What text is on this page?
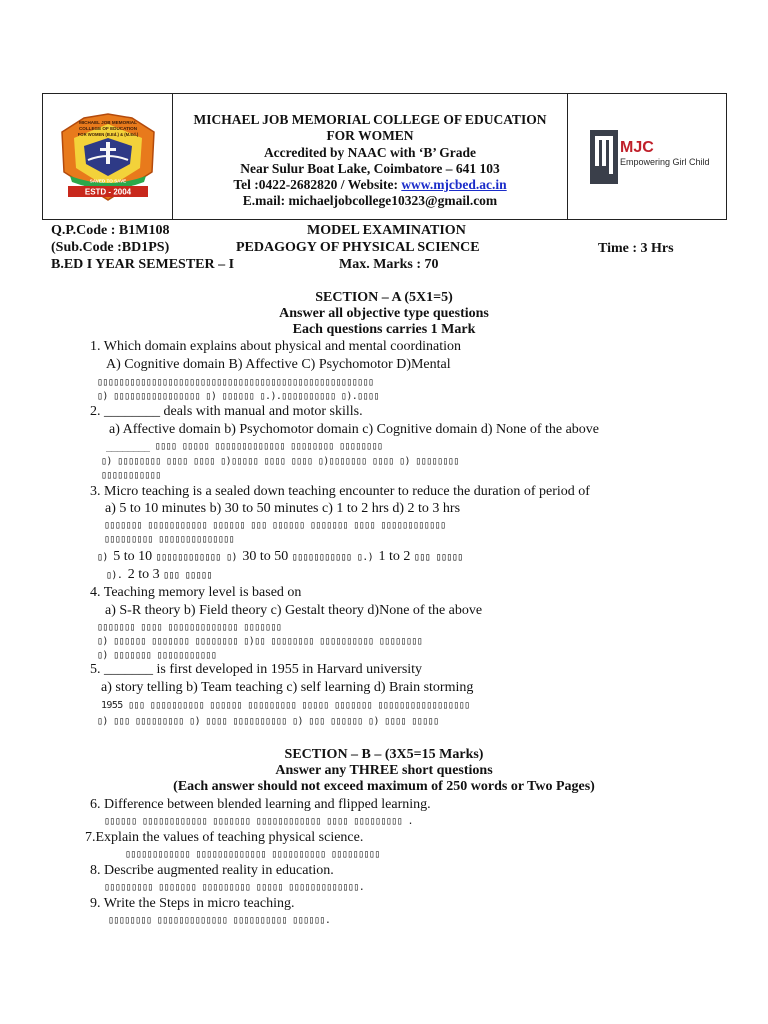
ESTD - 2004
MICHAEL JOB MEMORIAL
COLLEGE OF EDUCATION
FOR WOMEN (B.Ed.) & (M.Ed.)
SAVED TO SAVE
MICHAEL JOB MEMORIAL COLLEGE OF EDUCATION
FOR WOMEN
Accredited by NAAC with ‘B’ Grade
Near Sulur Boat Lake, Coimbatore – 641 103
Tel :0422-2682820 / Website: www.mjcbed.ac.in
E.mail: michaeljobcollege10323@gmail.com
MJC
Empowering Girl Child
Q.P.Code : B1M108	MODEL EXAMINATION
(Sub.Code :BD1PS)	PEDAGOGY OF PHYSICAL SCIENCE	Time : 3 Hrs
B.ED I YEAR SEMESTER – I	Max. Marks : 70
SECTION – A (5X1=5)
Answer all objective type questions
Each questions carries 1 Mark
1. Which domain explains about physical and mental coordination
A) Cognitive domain B) Affective C) Psychomotor D)Mental
▯▯▯▯▯▯▯▯▯▯▯▯▯▯▯▯▯▯▯▯▯▯▯▯▯▯▯▯▯▯▯▯▯▯▯▯▯▯▯▯▯▯▯▯▯▯▯▯▯▯▯
▯) ▯▯▯▯▯▯▯▯▯▯▯▯▯▯▯▯ ▯) ▯▯▯▯▯▯ ▯.).▯▯▯▯▯▯▯▯▯▯ ▯).▯▯▯▯
2. ________ deals with manual and motor skills.
a) Affective domain b) Psychomotor domain c) Cognitive domain d) None of the above
________ ▯▯▯▯ ▯▯▯▯▯ ▯▯▯▯▯▯▯▯▯▯▯▯▯ ▯▯▯▯▯▯▯▯ ▯▯▯▯▯▯▯▯
▯) ▯▯▯▯▯▯▯▯ ▯▯▯▯ ▯▯▯▯ ▯)▯▯▯▯▯ ▯▯▯▯ ▯▯▯▯ ▯)▯▯▯▯▯▯▯ ▯▯▯▯ ▯) ▯▯▯▯▯▯▯▯
▯▯▯▯▯▯▯▯▯▯▯
3. Micro teaching is a sealed down teaching encounter to reduce the duration of period of
a) 5 to 10 minutes b) 30 to 50 minutes c) 1 to 2 hrs d) 2 to 3 hrs
▯▯▯▯▯▯▯ ▯▯▯▯▯▯▯▯▯▯▯ ▯▯▯▯▯▯ ▯▯▯ ▯▯▯▯▯▯ ▯▯▯▯▯▯▯ ▯▯▯▯ ▯▯▯▯▯▯▯▯▯▯▯▯
▯▯▯▯▯▯▯▯▯ ▯▯▯▯▯▯▯▯▯▯▯▯▯▯
▯) 5 to 10 ▯▯▯▯▯▯▯▯▯▯▯▯ ▯) 30 to 50 ▯▯▯▯▯▯▯▯▯▯▯ ▯.) 1 to 2 ▯▯▯ ▯▯▯▯▯
▯). 2 to 3 ▯▯▯ ▯▯▯▯▯
4. Teaching memory level is based on
a) S-R theory b) Field theory c) Gestalt theory d)None of the above
▯▯▯▯▯▯▯ ▯▯▯▯ ▯▯▯▯▯▯▯▯▯▯▯▯▯ ▯▯▯▯▯▯▯
▯) ▯▯▯▯▯▯ ▯▯▯▯▯▯▯ ▯▯▯▯▯▯▯▯ ▯)▯▯ ▯▯▯▯▯▯▯▯ ▯▯▯▯▯▯▯▯▯▯ ▯▯▯▯▯▯▯▯
▯) ▯▯▯▯▯▯▯ ▯▯▯▯▯▯▯▯▯▯▯
5. _______ is first developed in 1955 in Harvard university
a) story telling b) Team teaching c) self learning d) Brain storming
1955 ▯▯▯ ▯▯▯▯▯▯▯▯▯▯ ▯▯▯▯▯▯ ▯▯▯▯▯▯▯▯▯ ▯▯▯▯▯ ▯▯▯▯▯▯▯ ▯▯▯▯▯▯▯▯▯▯▯▯▯▯▯▯▯
▯) ▯▯▯ ▯▯▯▯▯▯▯▯▯ ▯) ▯▯▯▯ ▯▯▯▯▯▯▯▯▯▯ ▯) ▯▯▯ ▯▯▯▯▯▯ ▯) ▯▯▯▯ ▯▯▯▯▯
SECTION – B – (3X5=15 Marks)
Answer any THREE short questions
(Each answer should not exceed maximum of 250 words or Two Pages)
6. Difference between blended learning and flipped learning.
▯▯▯▯▯▯ ▯▯▯▯▯▯▯▯▯▯▯▯ ▯▯▯▯▯▯▯ ▯▯▯▯▯▯▯▯▯▯▯▯ ▯▯▯▯ ▯▯▯▯▯▯▯▯▯ .
7.Explain the values of teaching physical science.
▯▯▯▯▯▯▯▯▯▯▯▯ ▯▯▯▯▯▯▯▯▯▯▯▯▯ ▯▯▯▯▯▯▯▯▯▯ ▯▯▯▯▯▯▯▯▯
8. Describe augmented reality in education.
▯▯▯▯▯▯▯▯▯ ▯▯▯▯▯▯▯ ▯▯▯▯▯▯▯▯▯ ▯▯▯▯▯ ▯▯▯▯▯▯▯▯▯▯▯▯▯.
9. Write the Steps in micro teaching.
▯▯▯▯▯▯▯▯ ▯▯▯▯▯▯▯▯▯▯▯▯▯ ▯▯▯▯▯▯▯▯▯▯ ▯▯▯▯▯▯.
